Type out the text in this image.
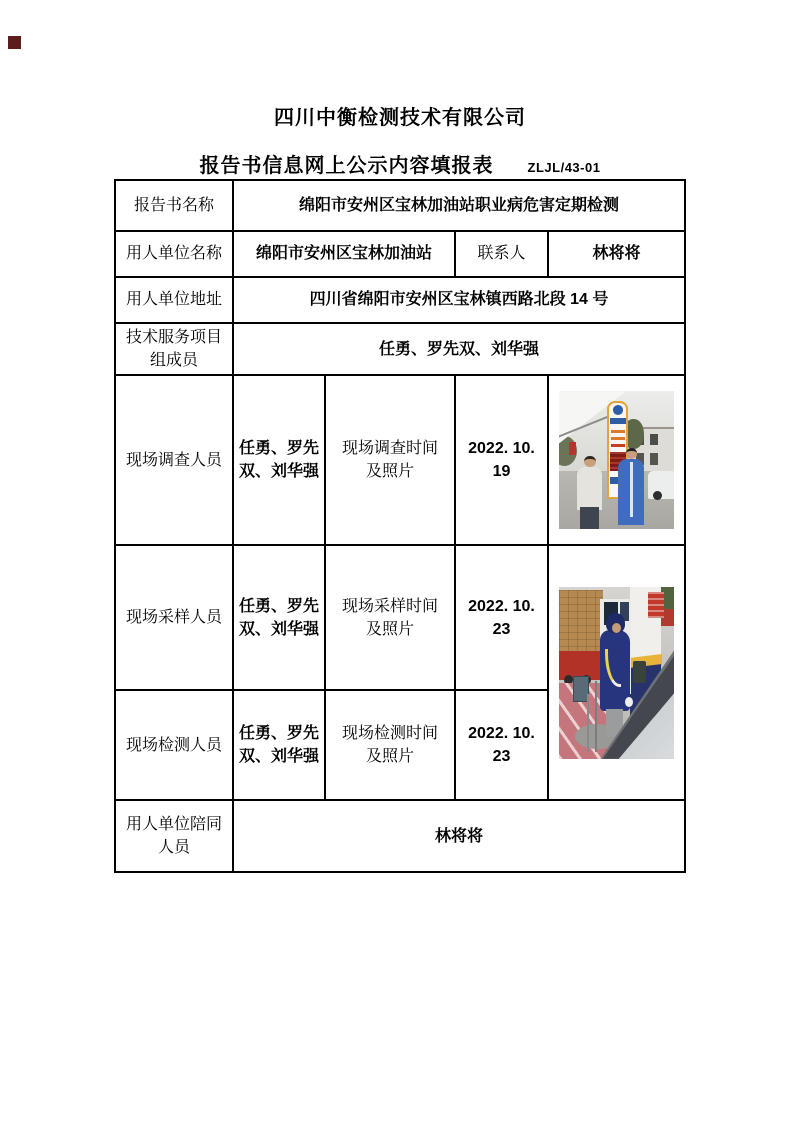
四川中衡检测技术有限公司
报告书信息网上公示内容填报表	ZLJL/43-01
报告书名称	绵阳市安州区宝林加油站职业病危害定期检测			
用人单位名称	绵阳市安州区宝林加油站		联系人	林将将
用人单位地址	四川省绵阳市安州区宝林镇西路北段 14 号			
技术服务项目组成员	任勇、罗先双、刘华强			
现场调查人员	任勇、罗先双、刘华强	现场调查时间及照片	2022. 10. 19	

现场采样人员	任勇、罗先双、刘华强	现场采样时间及照片	2022. 10. 23	

现场检测人员	任勇、罗先双、刘华强	现场检测时间及照片	2022. 10. 23	
用人单位陪同人员	林将将			
